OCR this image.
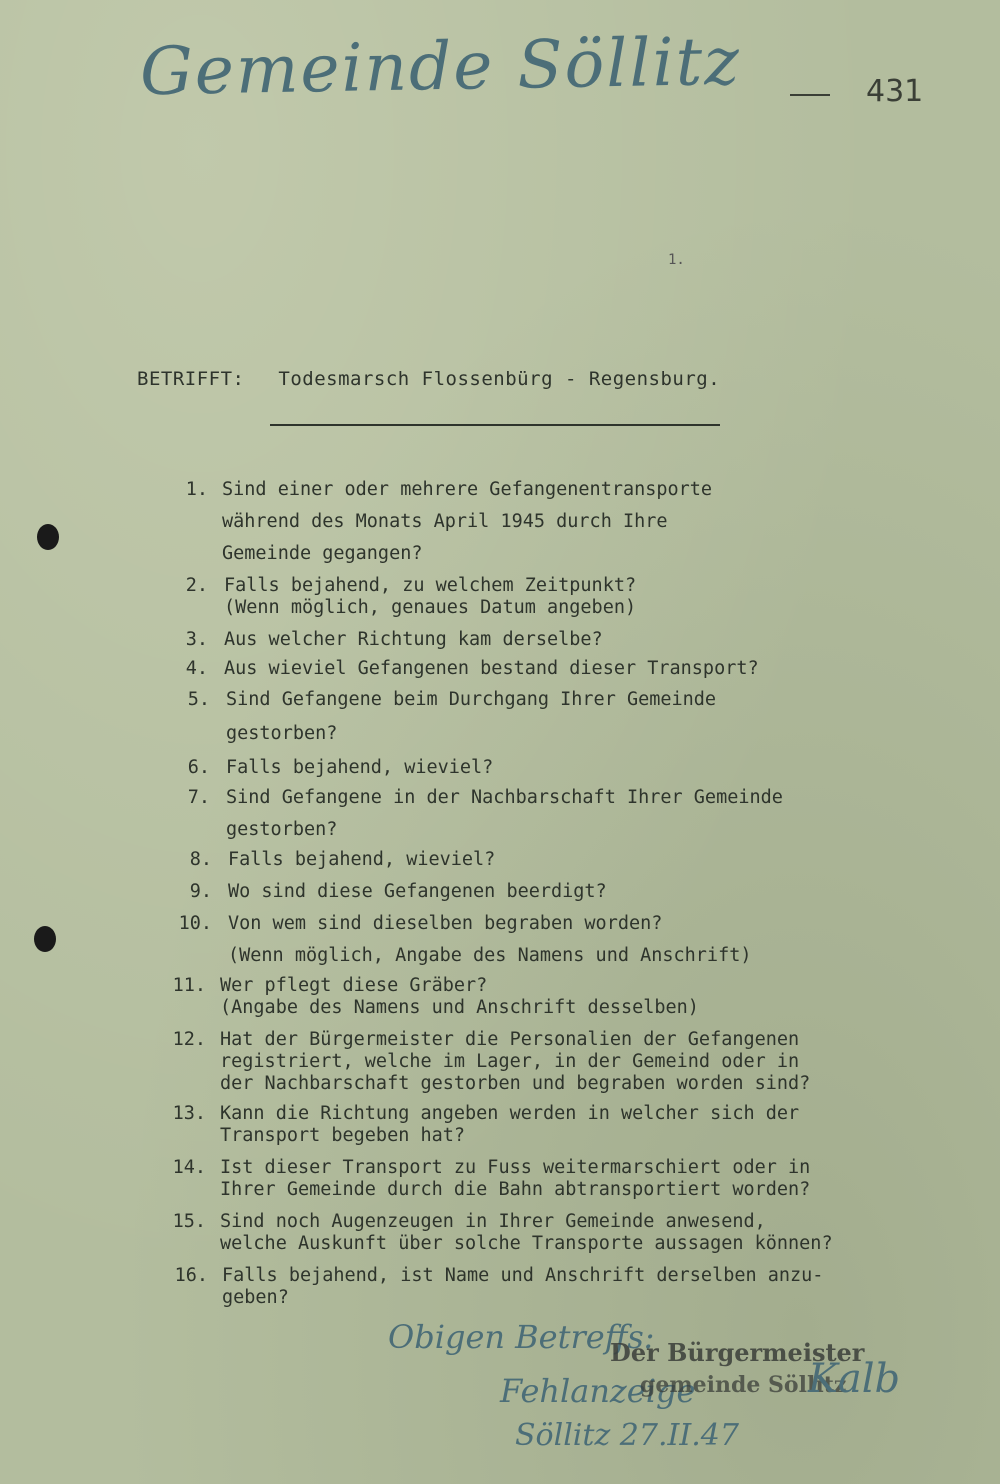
Gemeinde Söllitz	431
1.
BETRIFFT: Todesmarsch Flossenbürg - Regensburg.
1. Sind einer oder mehrere Gefangenentransporte
während des Monats April 1945 durch Ihre
Gemeinde gegangen?
2. Falls bejahend, zu welchem Zeitpunkt?
(Wenn möglich, genaues Datum angeben)
3. Aus welcher Richtung kam derselbe?
4. Aus wieviel Gefangenen bestand dieser Transport?
5. Sind Gefangene beim Durchgang Ihrer Gemeinde
gestorben?
6. Falls bejahend, wieviel?
7. Sind Gefangene in der Nachbarschaft Ihrer Gemeinde
gestorben?
8. Falls bejahend, wieviel?
9. Wo sind diese Gefangenen beerdigt?
10. Von wem sind dieselben begraben worden?
(Wenn möglich, Angabe des Namens und Anschrift)
11. Wer pflegt diese Gräber?
(Angabe des Namens und Anschrift desselben)
12. Hat der Bürgermeister die Personalien der Gefangenen
registriert, welche im Lager, in der Gemeind oder in
der Nachbarschaft gestorben und begraben worden sind?
13. Kann die Richtung angeben werden in welcher sich der
Transport begeben hat?
14. Ist dieser Transport zu Fuss weitermarschiert oder in
Ihrer Gemeinde durch die Bahn abtransportiert worden?
15. Sind noch Augenzeugen in Ihrer Gemeinde anwesend,
welche Auskunft über solche Transporte aussagen können?
16. Falls bejahend, ist Name und Anschrift derselben anzu-
geben?
Obigen Betreffs:
Der Bürgermeister
Fehlanzeige
gemeinde Söllitz
Kalb
Söllitz 27.II.47
